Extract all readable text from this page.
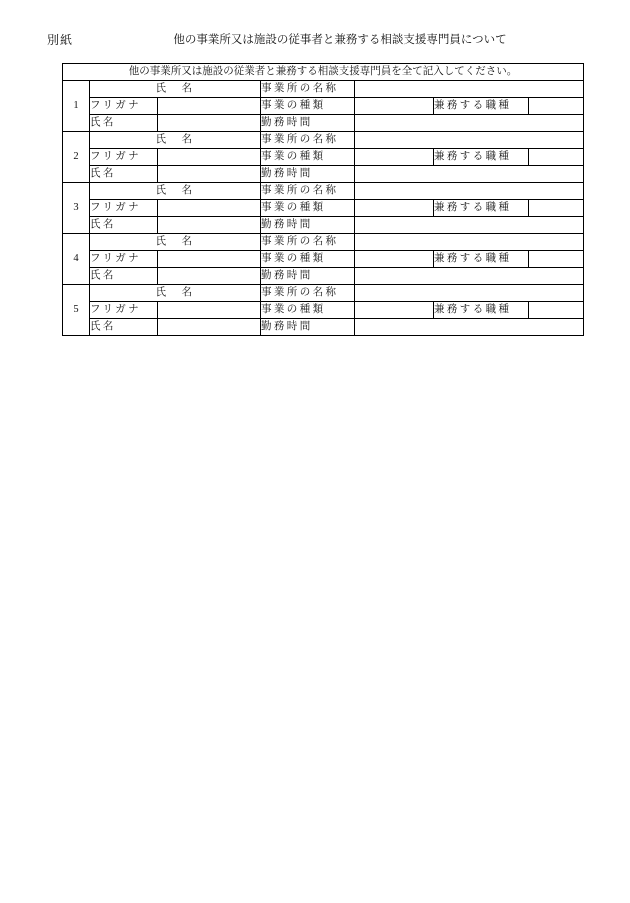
別紙	他の事業所又は施設の従事者と兼務する相談支援専門員について
他の事業所又は施設の従業者と兼務する相談支援専門員を全て記入してください。						
1	氏　名		事業所の名称			
	フリガナ		事業の種類		兼務する職種	
	氏名		勤務時間			
2	氏　名		事業所の名称			
	フリガナ		事業の種類		兼務する職種	
	氏名		勤務時間			
3	氏　名		事業所の名称			
	フリガナ		事業の種類		兼務する職種	
	氏名		勤務時間			
4	氏　名		事業所の名称			
	フリガナ		事業の種類		兼務する職種	
	氏名		勤務時間			
5	氏　名		事業所の名称			
	フリガナ		事業の種類		兼務する職種	
	氏名		勤務時間			
